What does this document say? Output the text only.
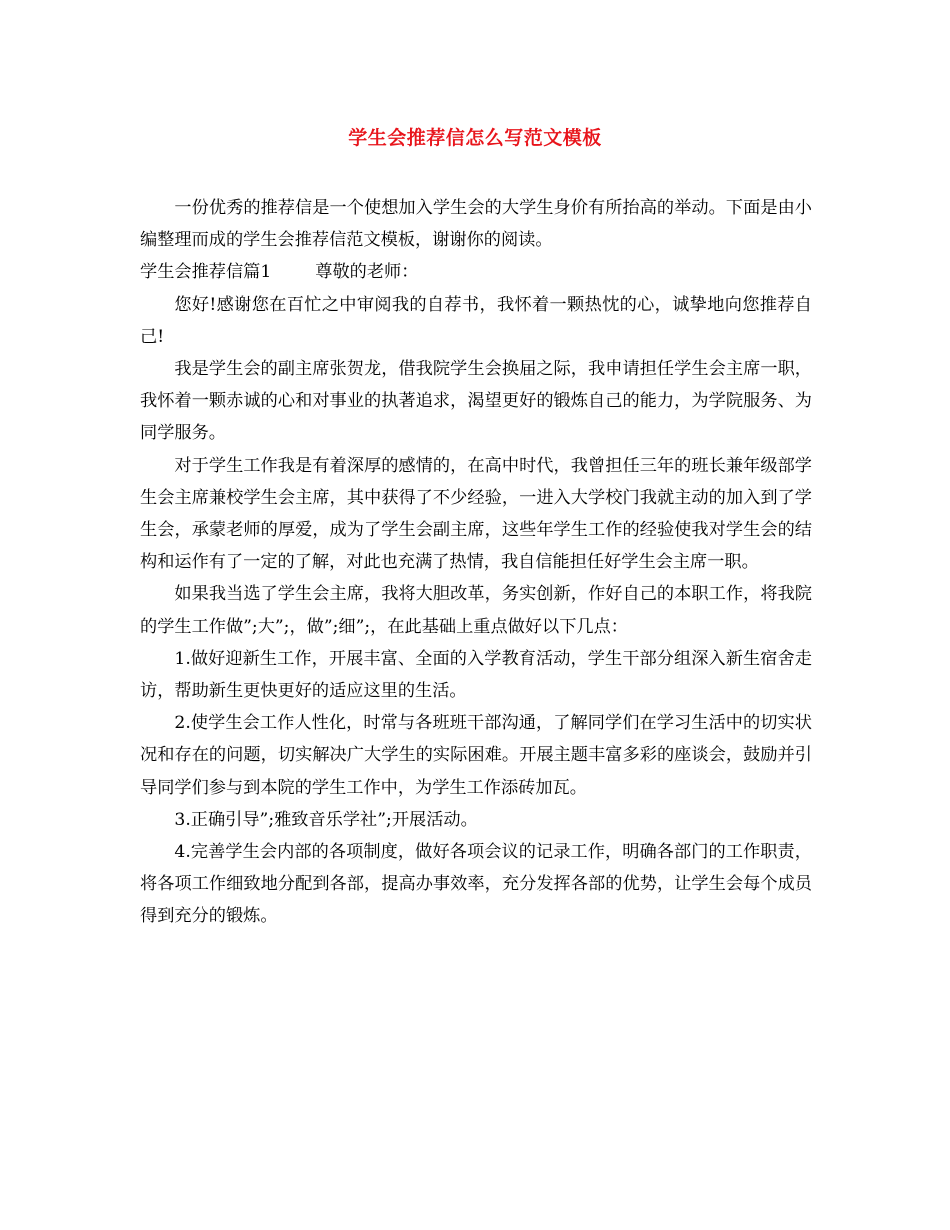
学生会推荐信怎么写范文模板

一份优秀的推荐信是一个使想加入学生会的大学生身价有所抬高的举动。下面是由小编整理而成的学生会推荐信范文模板，谢谢你的阅读。

学生会推荐信篇1	尊敬的老师：

您好!感谢您在百忙之中审阅我的自荐书，我怀着一颗热忱的心，诚挚地向您推荐自己!

我是学生会的副主席张贺龙，借我院学生会换届之际，我申请担任学生会主席一职，我怀着一颗赤诚的心和对事业的执著追求，渴望更好的锻炼自己的能力，为学院服务、为同学服务。

对于学生工作我是有着深厚的感情的，在高中时代，我曾担任三年的班长兼年级部学生会主席兼校学生会主席，其中获得了不少经验，一进入大学校门我就主动的加入到了学生会，承蒙老师的厚爱，成为了学生会副主席，这些年学生工作的经验使我对学生会的结构和运作有了一定的了解，对此也充满了热情，我自信能担任好学生会主席一职。

如果我当选了学生会主席，我将大胆改革，务实创新，作好自己的本职工作，将我院的学生工作做”;大”;，做”;细”;，在此基础上重点做好以下几点：

1.做好迎新生工作，开展丰富、全面的入学教育活动，学生干部分组深入新生宿舍走访，帮助新生更快更好的适应这里的生活。

2.使学生会工作人性化，时常与各班班干部沟通，了解同学们在学习生活中的切实状况和存在的问题，切实解决广大学生的实际困难。开展主题丰富多彩的座谈会，鼓励并引导同学们参与到本院的学生工作中，为学生工作添砖加瓦。

3.正确引导”;雅致音乐学社”;开展活动。

4.完善学生会内部的各项制度，做好各项会议的记录工作，明确各部门的工作职责，将各项工作细致地分配到各部，提高办事效率，充分发挥各部的优势，让学生会每个成员得到充分的锻炼。
